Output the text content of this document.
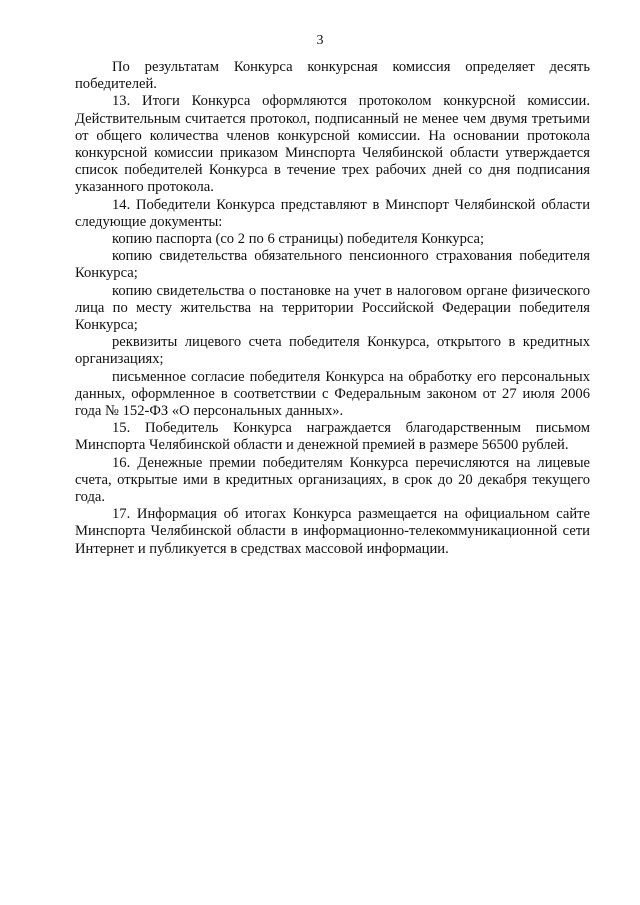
3

По результатам Конкурса конкурсная комиссия определяет десять победителей.

13. Итоги Конкурса оформляются протоколом конкурсной комиссии. Действительным считается протокол, подписанный не менее чем двумя третьими от общего количества членов конкурсной комиссии. На основании протокола конкурсной комиссии приказом Минспорта Челябинской области утверждается список победителей Конкурса в течение трех рабочих дней со дня подписания указанного протокола.

14. Победители Конкурса представляют в Минспорт Челябинской области следующие документы:

копию паспорта (со 2 по 6 страницы) победителя Конкурса;

копию свидетельства обязательного пенсионного страхования победителя Конкурса;

копию свидетельства о постановке на учет в налоговом органе физического лица по месту жительства на территории Российской Федерации победителя Конкурса;

реквизиты лицевого счета победителя Конкурса, открытого в кредитных организациях;

письменное согласие победителя Конкурса на обработку его персональных данных, оформленное в соответствии с Федеральным законом от 27 июля 2006 года № 152-ФЗ «О персональных данных».

15. Победитель Конкурса награждается благодарственным письмом Минспорта Челябинской области и денежной премией в размере 56500 рублей.

16. Денежные премии победителям Конкурса перечисляются на лицевые счета, открытые ими в кредитных организациях, в срок до 20 декабря текущего года.

17. Информация об итогах Конкурса размещается на официальном сайте Минспорта Челябинской области в информационно-телекоммуникационной сети Интернет и публикуется в средствах массовой информации.
